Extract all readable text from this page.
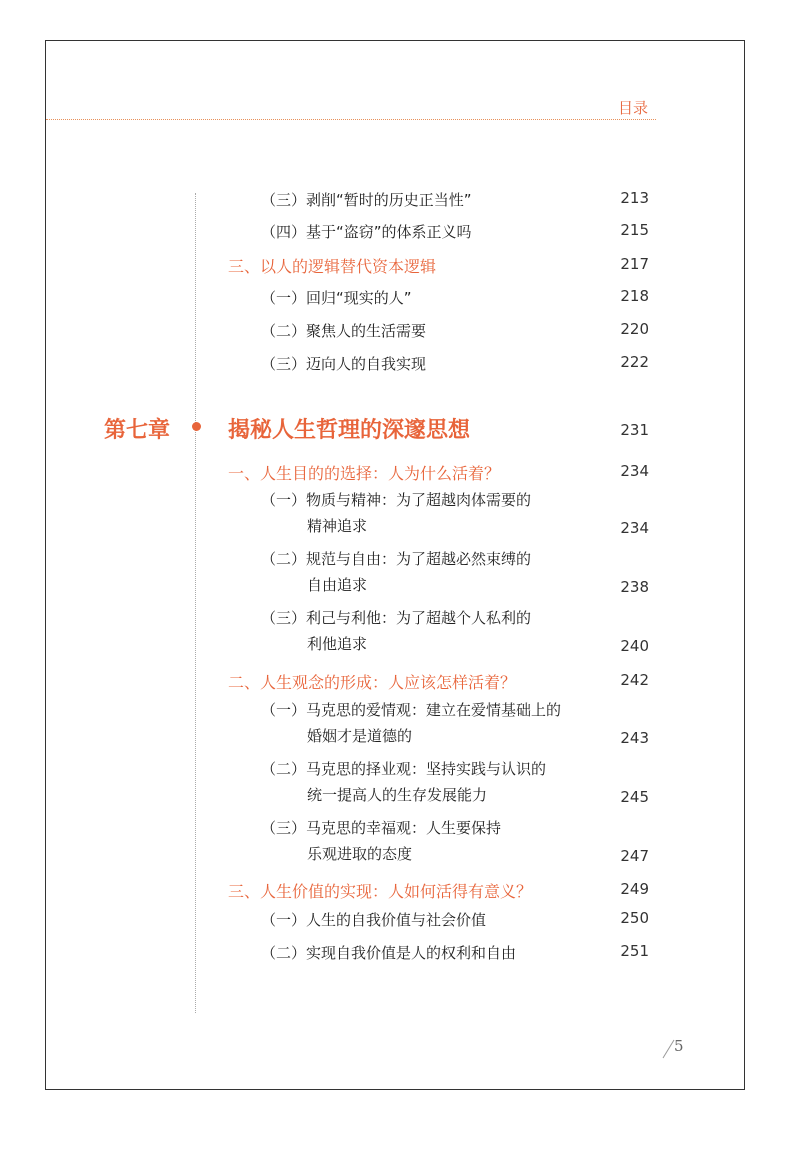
目录
（三）剥削“暂时的历史正当性”	213
（四）基于“盗窃”的体系正义吗	215
三、以人的逻辑替代资本逻辑	217
（一）回归“现实的人”	218
（二）聚焦人的生活需要	220
（三）迈向人的自我实现	222
第七章	揭秘人生哲理的深邃思想	231
一、人生目的的选择：人为什么活着？	234
（一）物质与精神：为了超越肉体需要的
精神追求	234
（二）规范与自由：为了超越必然束缚的
自由追求	238
（三）利己与利他：为了超越个人私利的
利他追求	240
二、人生观念的形成：人应该怎样活着？	242
（一）马克思的爱情观：建立在爱情基础上的
婚姻才是道德的	243
（二）马克思的择业观：坚持实践与认识的
统一提高人的生存发展能力	245
（三）马克思的幸福观：人生要保持
乐观进取的态度	247
三、人生价值的实现：人如何活得有意义？	249
（一）人生的自我价值与社会价值	250
（二）实现自我价值是人的权利和自由	251
5
